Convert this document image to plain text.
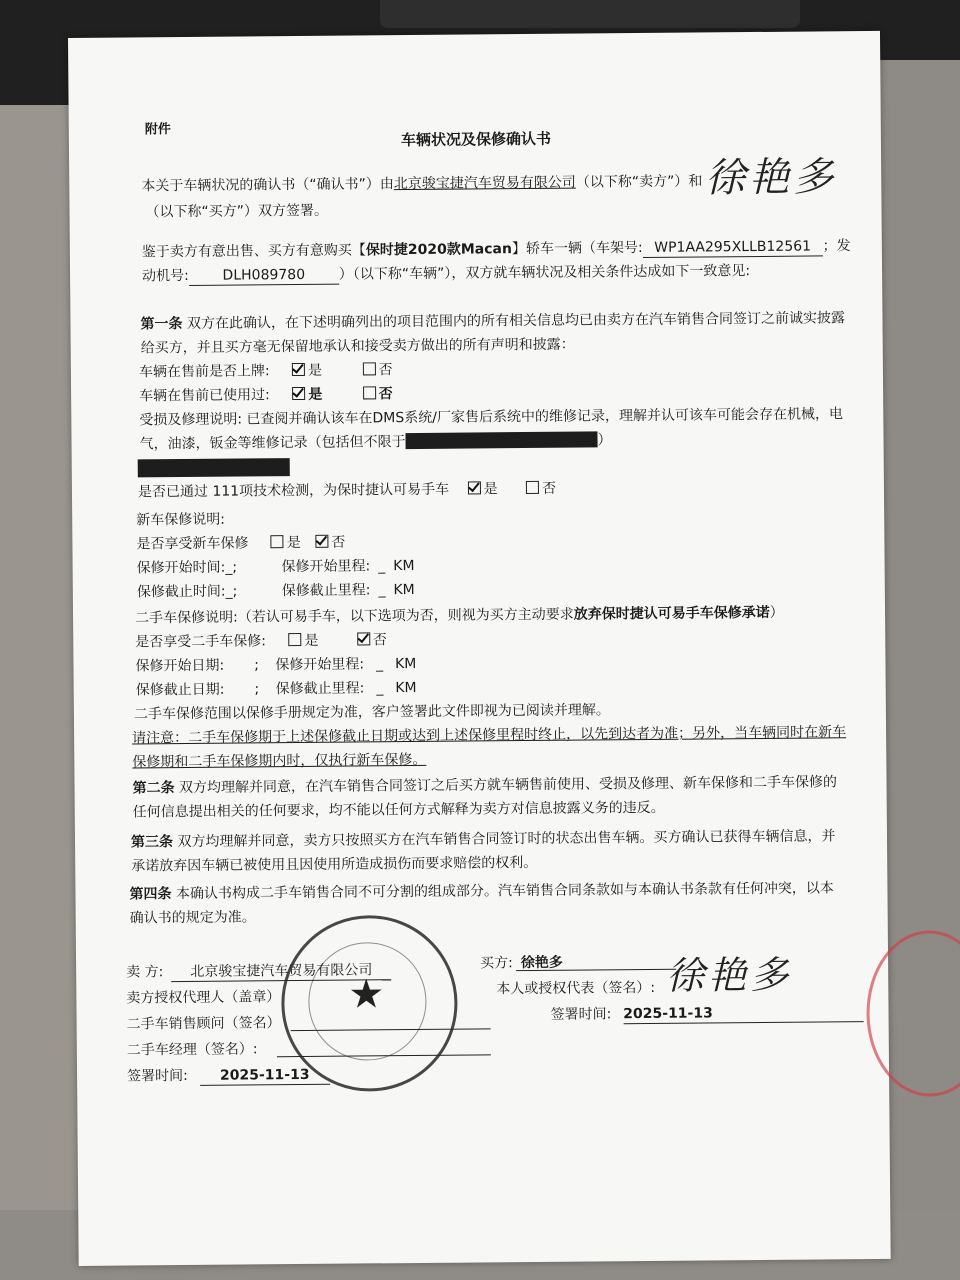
附件
车辆状况及保修确认书
本关于车辆状况的确认书（“确认书”）由北京骏宝捷汽车贸易有限公司（以下称“卖方”）和
（以下称“买方”）双方签署。
鉴于卖方有意出售、买方有意购买【保时捷2020款Macan】轿车一辆（车架号: WP1AA295XLLB12561 ；发
动机号: DLH089780 ）（以下称“车辆”），双方就车辆状况及相关条件达成如下一致意见:
第一条 双方在此确认，在下述明确列出的项目范围内的所有相关信息均已由卖方在汽车销售合同签订之前诚实披露
给买方，并且买方毫无保留地承认和接受卖方做出的所有声明和披露：
车辆在售前是否上牌:	是	否
车辆在售前已使用过:	是	否
受损及修理说明: 已查阅并确认该车在DMS系统/厂家售后系统中的维修记录，理解并认可该车可能会存在机械，电
气，油漆，钣金等维修记录（包括但不限于	）
是否已通过 111项技术检测，为保时捷认可易手车 是	否
新车保修说明:
是否享受新车保修	是 否
保修开始时间:_;	保修开始里程: _ KM
保修截止时间:_;	保修截止里程: _ KM
二手车保修说明:（若认可易手车，以下选项为否，则视为买方主动要求放弃保时捷认可易手车保修承诺）
是否享受二手车保修:	是	否
保修开始日期: ; 保修开始里程: _ KM
保修截止日期: ; 保修截止里程: _ KM
二手车保修范围以保修手册规定为准，客户签署此文件即视为已阅读并理解。
请注意：二手车保修期于上述保修截止日期或达到上述保修里程时终止，以先到达者为准；另外，当车辆同时在新车
保修期和二手车保修期内时，仅执行新车保修。
第二条 双方均理解并同意，在汽车销售合同签订之后买方就车辆售前使用、受损及修理、新车保修和二手车保修的
任何信息提出相关的任何要求，均不能以任何方式解释为卖方对信息披露义务的违反。
第三条 双方均理解并同意，卖方只按照买方在汽车销售合同签订时的状态出售车辆。买方确认已获得车辆信息，并
承诺放弃因车辆已被使用且因使用所造成损伤而要求赔偿的权利。
第四条 本确认书构成二手车销售合同不可分割的组成部分。汽车销售合同条款如与本确认书条款有任何冲突，以本
确认书的规定为准。
卖 方: 北京骏宝捷汽车贸易有限公司
卖方授权代理人（盖章）
二手车销售顾问（签名）
二手车经理（签名）:
签署时间: 2025-11-13
买方: 徐艳多
本人或授权代表（签名）:
签署时间: 2025-11-13
徐艳多
徐艳多
★
